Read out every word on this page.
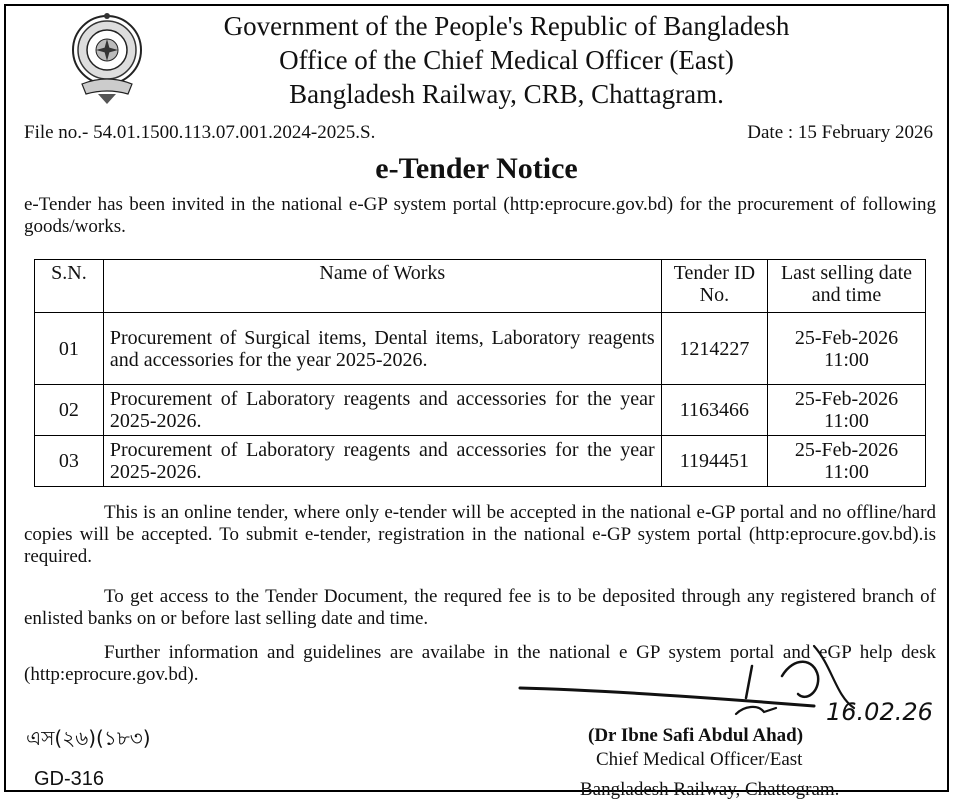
Government of the People's Republic of Bangladesh
Office of the Chief Medical Officer (East)
Bangladesh Railway, CRB, Chattagram.
File no.- 54.01.1500.113.07.001.2024-2025.S.	Date : 15 February 2026
e-Tender Notice
e-Tender has been invited in the national e-GP system portal (http:eprocure.gov.bd) for the procurement of following goods/works.
S.N.	Name of Works	Tender ID No.	Last selling date and time
01	Procurement of Surgical items, Dental items, Laboratory reagents and accessories for the year 2025-2026.	1214227	25-Feb-2026
11:00

02	Procurement of Laboratory reagents and accessories for the year 2025-2026.	1163466	25-Feb-2026
11:00

03	Procurement of Laboratory reagents and accessories for the year 2025-2026.	1194451	25-Feb-2026
11:00
This is an online tender, where only e-tender will be accepted in the national e-GP portal and no offline/hard copies will be accepted. To submit e-tender, registration in the national e-GP system portal (http:eprocure.gov.bd).is required.
To get access to the Tender Document, the requred fee is to be deposited through any registered branch of enlisted banks on or before last selling date and time.
Further information and guidelines are availabe in the national e GP system portal and eGP help desk (http:eprocure.gov.bd).
16.02.26
(Dr Ibne Safi Abdul Ahad)
Chief Medical Officer/East
Bangladesh Railway, Chattogram.
এস(২৬)(১৮৩)
GD-316
